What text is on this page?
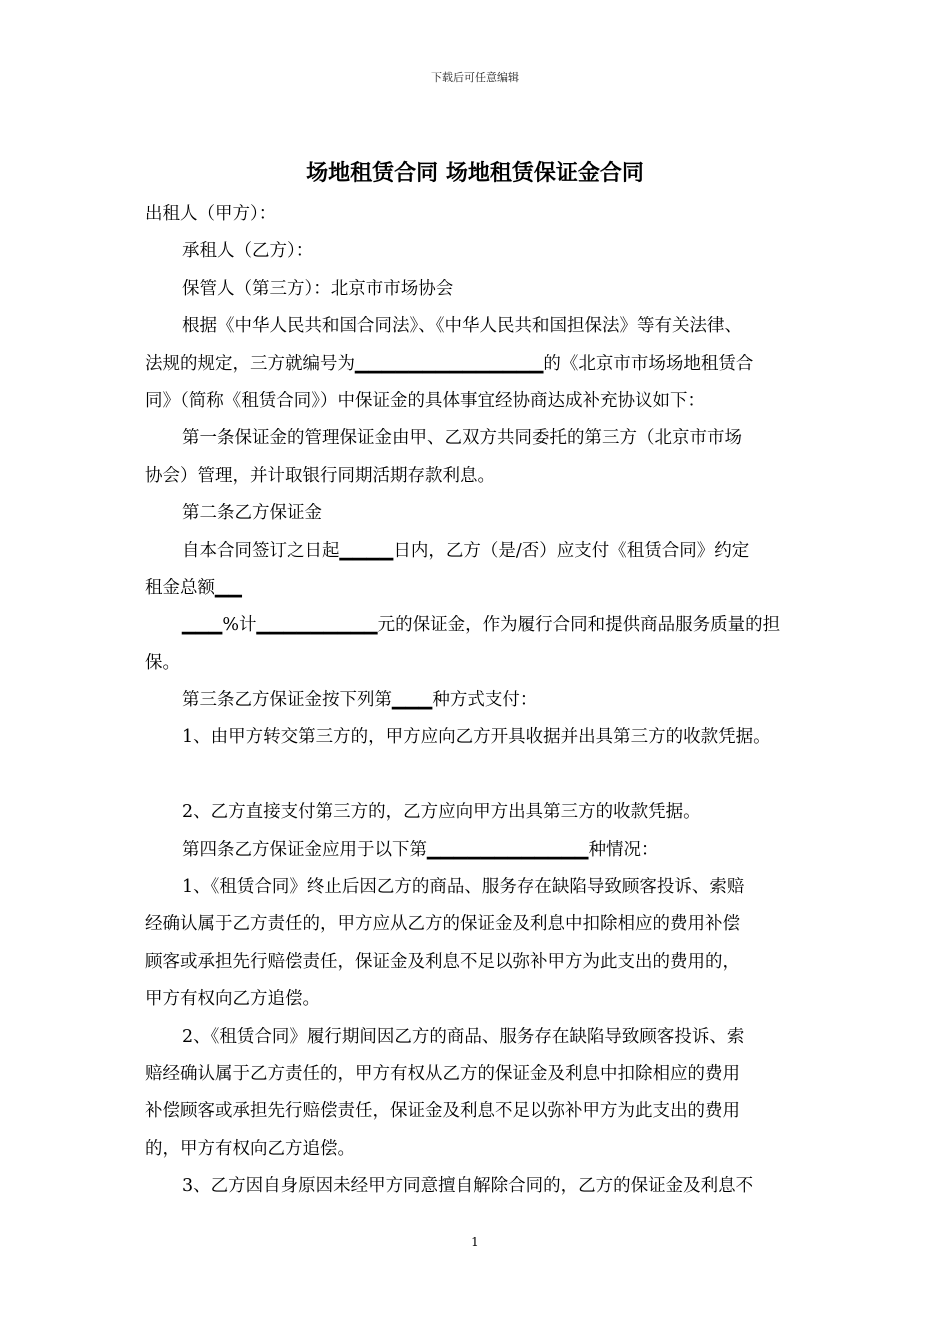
下载后可任意编辑
场地租赁合同 场地租赁保证金合同
出租人（甲方）：
承租人（乙方）：
保管人（第三方）：北京市市场协会
根据《中华人民共和国合同法》、《中华人民共和国担保法》等有关法律、
法规的规定，三方就编号为▁▁▁▁▁▁▁▁▁▁▁▁▁▁的《北京市市场场地租赁合
同》（简称《租赁合同》）中保证金的具体事宜经协商达成补充协议如下：
第一条保证金的管理保证金由甲、乙双方共同委托的第三方（北京市市场
协会）管理，并计取银行同期活期存款利息。
第二条乙方保证金
自本合同签订之日起▁▁▁▁日内，乙方（是/否）应支付《租赁合同》约定
租金总额▁▁
▁▁▁%计▁▁▁▁▁▁▁▁▁元的保证金，作为履行合同和提供商品服务质量的担
保。
第三条乙方保证金按下列第▁▁▁种方式支付：
1、由甲方转交第三方的，甲方应向乙方开具收据并出具第三方的收款凭据。
2、乙方直接支付第三方的，乙方应向甲方出具第三方的收款凭据。
第四条乙方保证金应用于以下第▁▁▁▁▁▁▁▁▁▁▁▁种情况：
1、《租赁合同》终止后因乙方的商品、服务存在缺陷导致顾客投诉、索赔
经确认属于乙方责任的，甲方应从乙方的保证金及利息中扣除相应的费用补偿
顾客或承担先行赔偿责任，保证金及利息不足以弥补甲方为此支出的费用的，
甲方有权向乙方追偿。
2、《租赁合同》履行期间因乙方的商品、服务存在缺陷导致顾客投诉、索
赔经确认属于乙方责任的，甲方有权从乙方的保证金及利息中扣除相应的费用
补偿顾客或承担先行赔偿责任，保证金及利息不足以弥补甲方为此支出的费用
的，甲方有权向乙方追偿。
3、乙方因自身原因未经甲方同意擅自解除合同的，乙方的保证金及利息不
1
